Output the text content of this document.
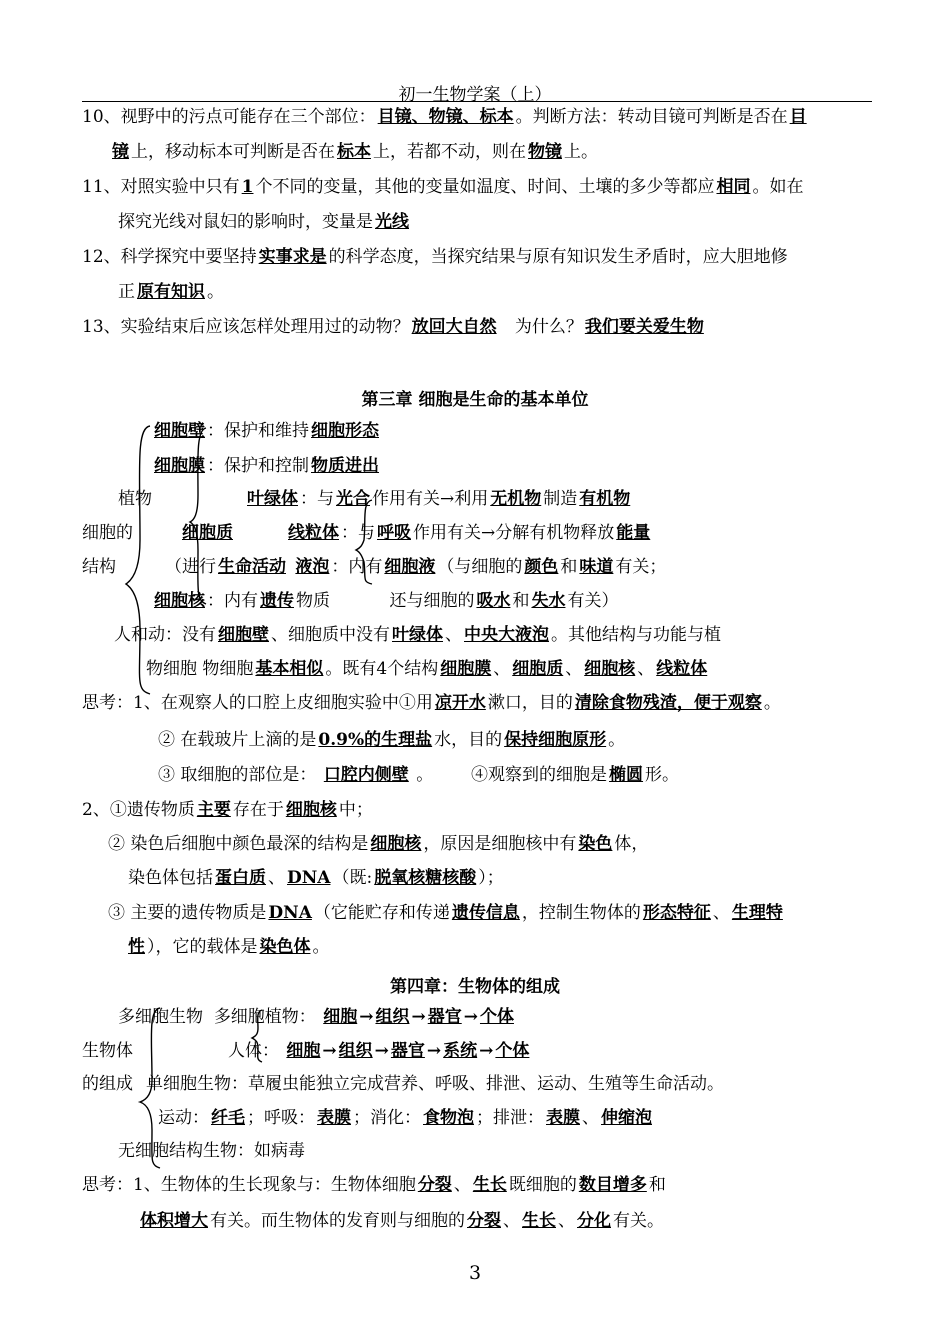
初一生物学案（上）
10、视野中的污点可能存在三个部位： 目镜、物镜、标本 。判断方法：转动目镜可判断是否在 目
镜 上，移动标本可判断是否在 标本 上，若都不动，则在 物镜 上。
11、对照实验中只有 1 个不同的变量，其他的变量如温度、时间、土壤的多少等都应 相同 。如在
探究光线对鼠妇的影响时，变量是 光线
12、科学探究中要坚持 实事求是 的科学态度，当探究结果与原有知识发生矛盾时，应大胆地修
正 原有知识 。
13、实验结束后应该怎样处理用过的动物？ 放回大自然 为什么？ 我们要关爱生物
第三章 细胞是生命的基本单位
细胞壁 ：保护和维持 细胞形态
细胞膜 ：保护和控制 物质进出
植物	叶绿体 ：与 光合 作用有关→利用 无机物 制造 有机物
细胞的	细胞质	线粒体 ：与 呼吸 作用有关→分解有机物释放 能量
结构	（进行 生命活动 液泡 ：内有 细胞液 （与细胞的 颜色 和 味道 有关；
细胞核 ：内有 遗传 物质	还与细胞的 吸水 和 失水 有关）
人和动：没有 细胞壁 、细胞质中没有 叶绿体 、 中央大液泡 。其他结构与功能与植
物细胞 物细胞 基本相似 。既有4个结构 细胞膜 、 细胞质 、 细胞核 、 线粒体
思考：1、在观察人的口腔上皮细胞实验中①用 凉开水 漱口，目的 清除食物残渣，便于观察 。
② 在载玻片上滴的是 0.9%的生理盐 水，目的 保持细胞原形 。
③ 取细胞的部位是： 口腔内侧壁 。 ④观察到的细胞是 椭圆 形。
2、①遗传物质 主要 存在于 细胞核 中；
② 染色后细胞中颜色最深的结构是 细胞核 ，原因是细胞核中有 染色 体，
染色体包括 蛋白质 、 DNA （既: 脱氧核糖核酸 ）；
③ 主要的遗传物质是 DNA （它能贮存和传递 遗传信息 ，控制生物体的 形态特征 、 生理特
性 ），它的载体是 染色体 。
第四章：生物体的组成
多细胞生物 多细胞植物： 细胞 → 组织 → 器官 → 个体
生物体	人体： 细胞 → 组织 → 器官 → 系统 → 个体
的组成 单细胞生物：草履虫能独立完成营养、呼吸、排泄、运动、生殖等生命活动。
运动： 纤毛 ；呼吸： 表膜 ；消化： 食物泡 ；排泄： 表膜 、 伸缩泡
无细胞结构生物：如病毒
思考：1、生物体的生长现象与：生物体细胞 分裂 、 生长 既细胞的 数目增多 和
体积增大 有关。而生物体的发育则与细胞的 分裂 、 生长 、 分化 有关。
3
